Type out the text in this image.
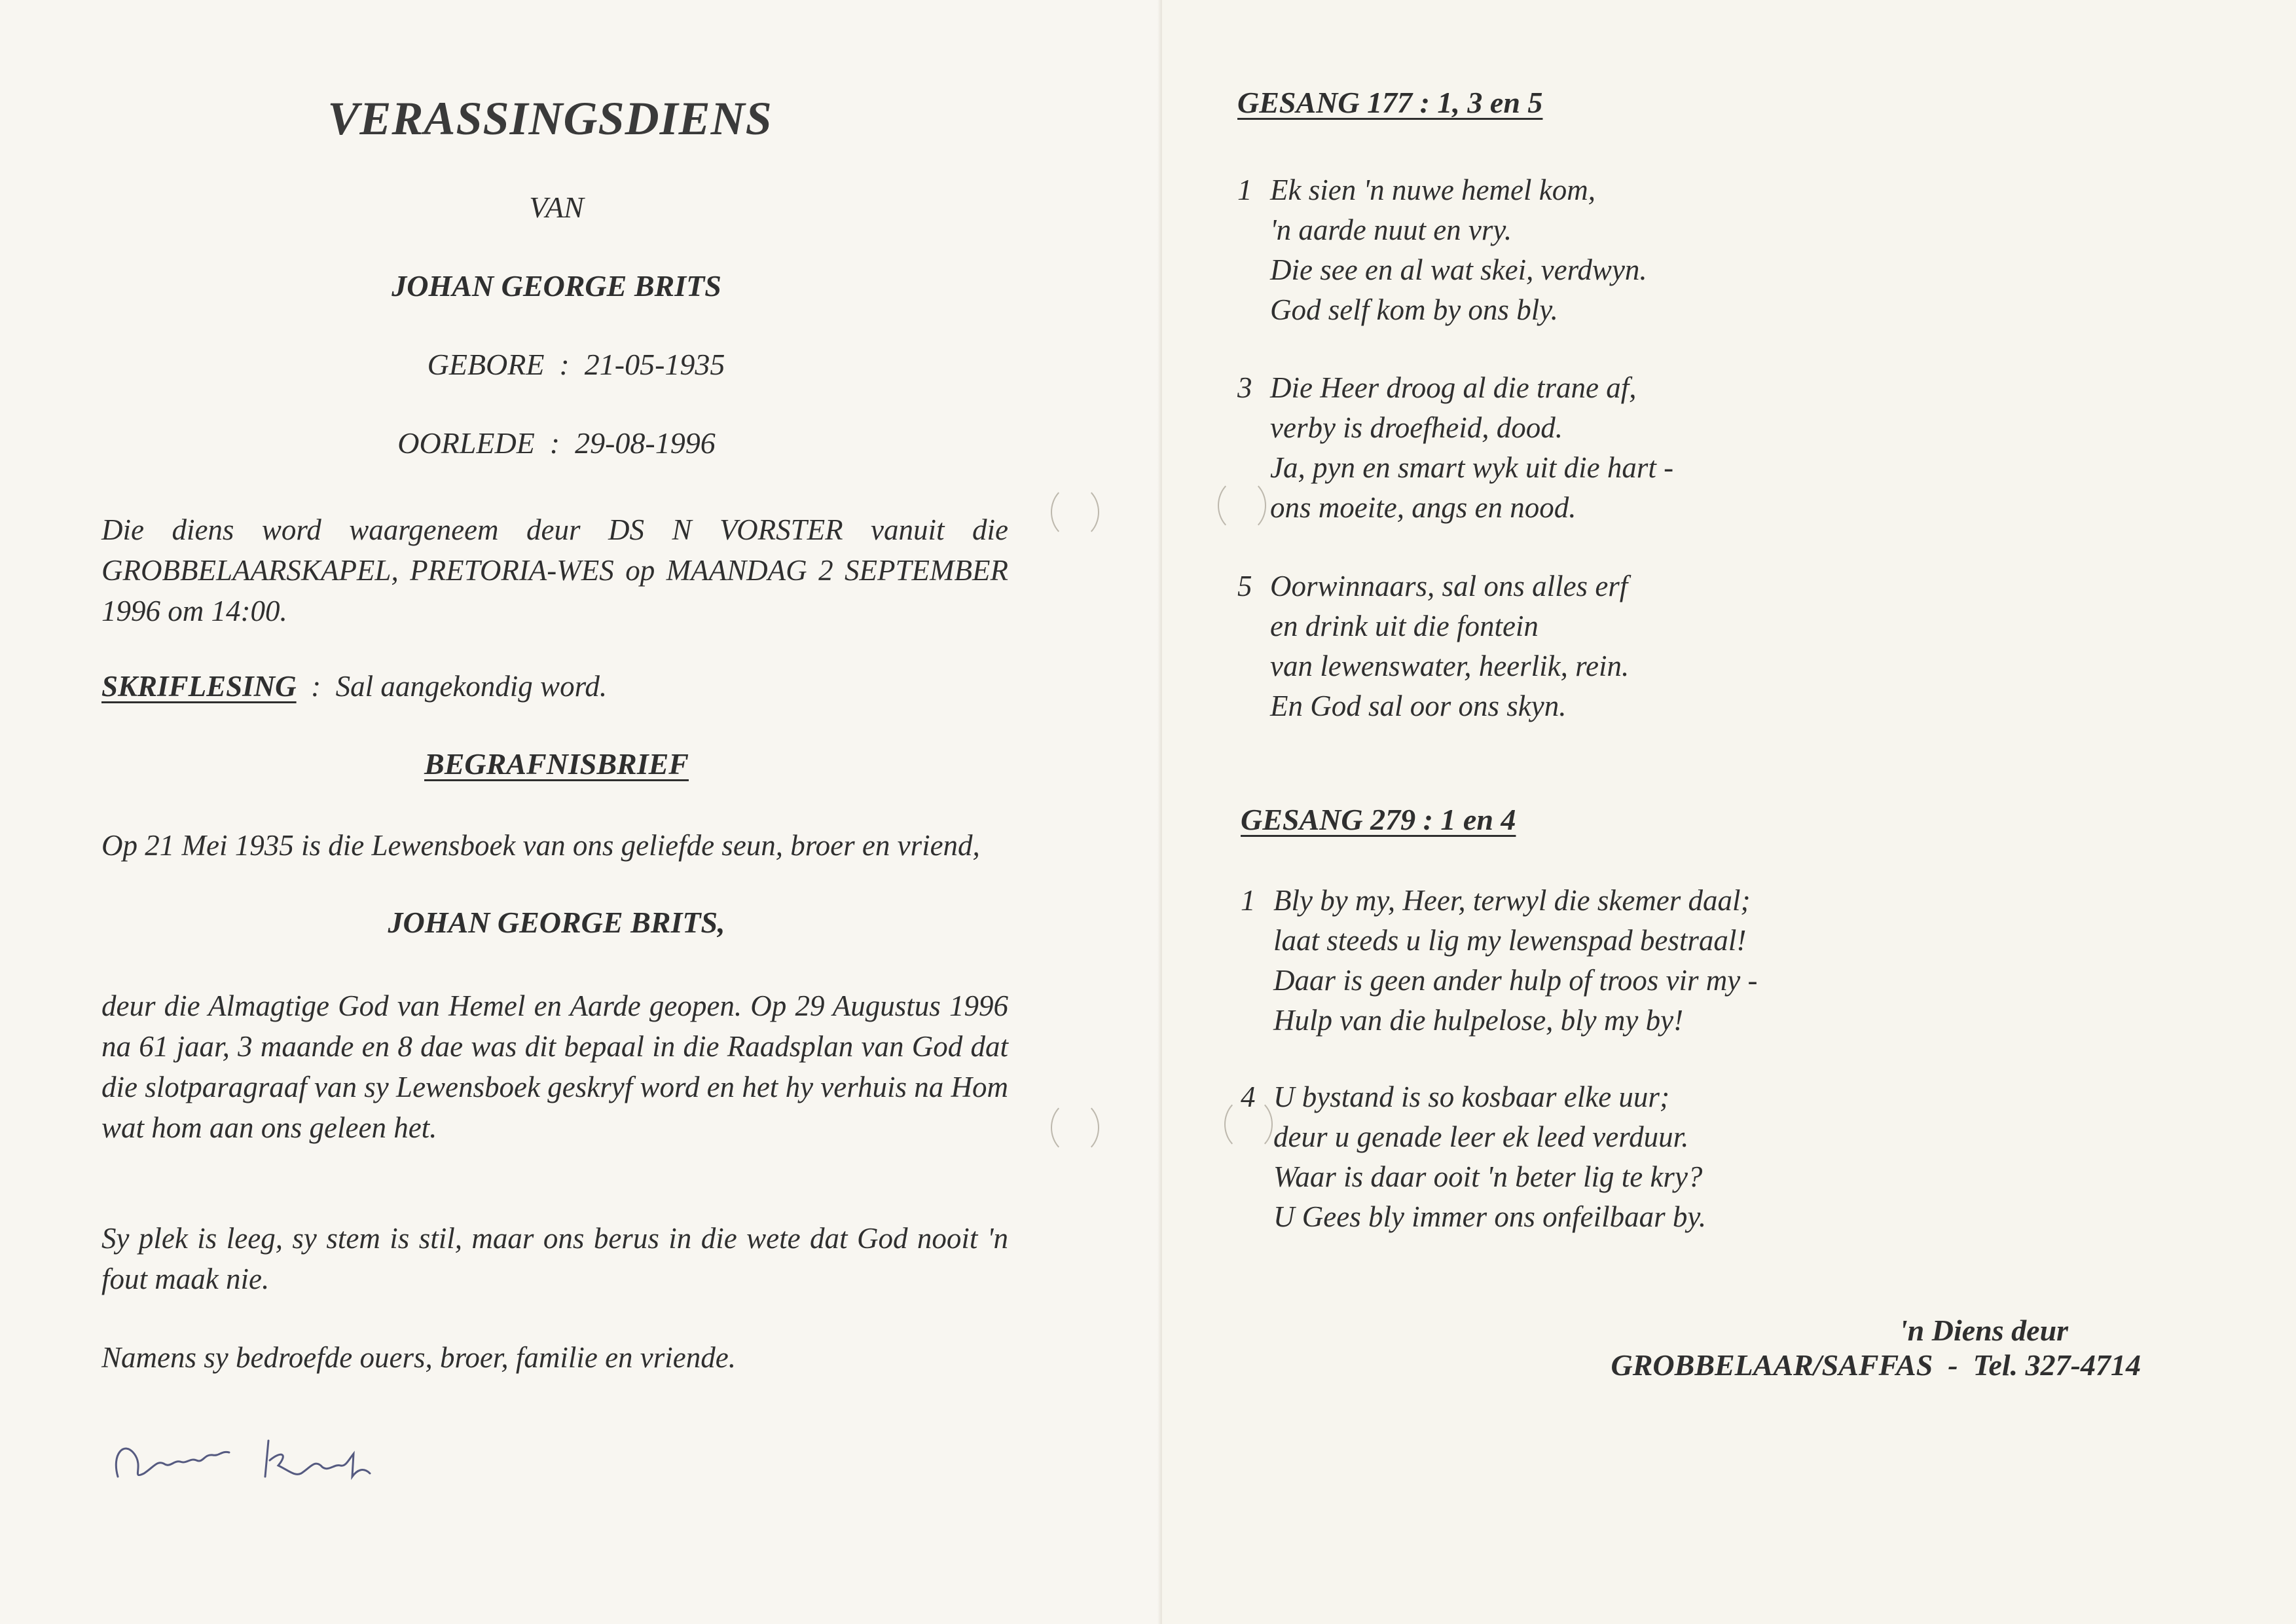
VERASSINGSDIENS

VAN

JOHAN GEORGE BRITS

GEBORE  :  21-05-1935

OORLEDE  :  29-08-1996

Die diens word waargeneem deur DS N VORSTER vanuit die GROBBELAARSKAPEL, PRETORIA-WES op MAANDAG 2 SEPTEMBER 1996 om 14:00.

SKRIFLESING :  Sal aangekondig word.

BEGRAFNISBRIEF

Op 21 Mei 1935 is die Lewensboek van ons geliefde seun, broer en vriend,

JOHAN GEORGE BRITS,

deur die Almagtige God van Hemel en Aarde geopen. Op 29 Augustus 1996 na 61 jaar, 3 maande en 8 dae was dit bepaal in die Raadsplan van God dat die slotparagraaf van sy Lewensboek geskryf word en het hy verhuis na Hom wat hom aan ons geleen het.

Sy plek is leeg, sy stem is stil, maar ons berus in die wete dat God nooit 'n fout maak nie.

Namens sy bedroefde ouers, broer, familie en vriende.

GESANG 177 : 1, 3 en 5

1 Ek sien 'n nuwe hemel kom,
'n aarde nuut en vry.
Die see en al wat skei, verdwyn.
God self kom by ons bly.
3 Die Heer droog al die trane af,
verby is droefheid, dood.
Ja, pyn en smart wyk uit die hart -
ons moeite, angs en nood.
5 Oorwinnaars, sal ons alles erf
en drink uit die fontein
van lewenswater, heerlik, rein.
En God sal oor ons skyn.

GESANG 279 : 1 en 4

1 Bly by my, Heer, terwyl die skemer daal;
laat steeds u lig my lewenspad bestraal!
Daar is geen ander hulp of troos vir my -
Hulp van die hulpelose, bly my by!
4 U bystand is so kosbaar elke uur;
deur u genade leer ek leed verduur.
Waar is daar ooit 'n beter lig te kry?
U Gees bly immer ons onfeilbaar by.

'n Diens deur

GROBBELAAR/SAFFAS  -  Tel. 327-4714
